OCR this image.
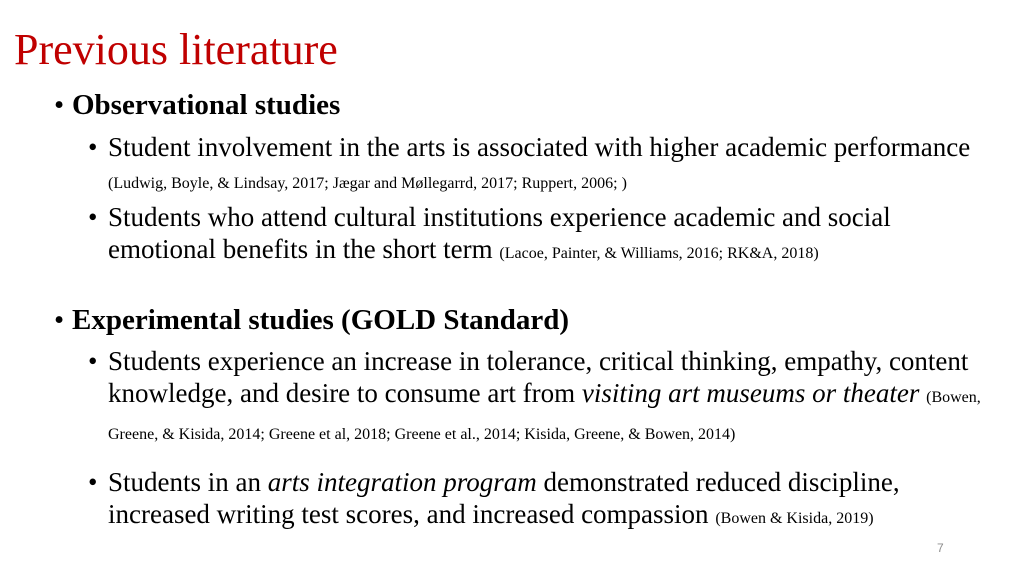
Previous literature
• Observational studies
• Student involvement in the arts is associated with higher academic performance (Ludwig, Boyle, & Lindsay, 2017; Jægar and Møllegarrd, 2017; Ruppert, 2006; )
• Students who attend cultural institutions experience academic and social emotional benefits in the short term (Lacoe, Painter, & Williams, 2016; RK&A, 2018)
• Experimental studies (GOLD Standard)
• Students experience an increase in tolerance, critical thinking, empathy, content knowledge, and desire to consume art from visiting art museums or theater (Bowen, Greene, & Kisida, 2014; Greene et al, 2018; Greene et al., 2014; Kisida, Greene, & Bowen, 2014)
• Students in an arts integration program demonstrated reduced discipline, increased writing test scores, and increased compassion (Bowen & Kisida, 2019)
7
